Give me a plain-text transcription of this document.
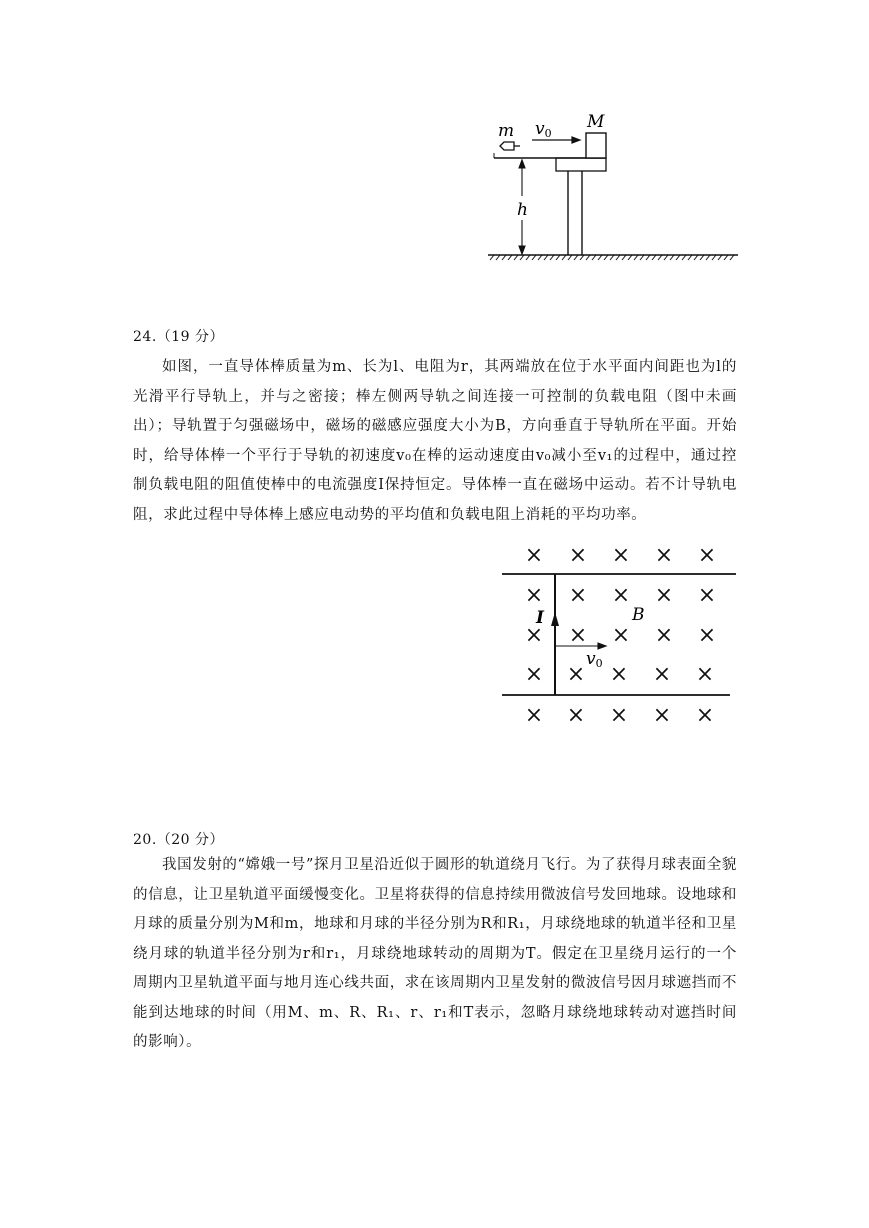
m v0
M
h
24.（19 分）
如图，一直导体棒质量为m、长为l、电阻为r，其两端放在位于水平面内间距也为l的光滑平行导轨上，并与之密接；棒左侧两导轨之间连接一可控制的负载电阻（图中未画出）；导轨置于匀强磁场中，磁场的磁感应强度大小为B，方向垂直于导轨所在平面。开始时，给导体棒一个平行于导轨的初速度v₀在棒的运动速度由v₀减小至v₁的过程中，通过控制负载电阻的阻值使棒中的电流强度I保持恒定。导体棒一直在磁场中运动。若不计导轨电阻，求此过程中导体棒上感应电动势的平均值和负载电阻上消耗的平均功率。
× × × × ×
× × × × ×
× × × × ×
× × × × ×
× × × × ×
I	B
v0
20.（20 分）
我国发射的“嫦娥一号”探月卫星沿近似于圆形的轨道绕月飞行。为了获得月球表面全貌的信息，让卫星轨道平面缓慢变化。卫星将获得的信息持续用微波信号发回地球。设地球和月球的质量分别为M和m，地球和月球的半径分别为R和R₁，月球绕地球的轨道半径和卫星绕月球的轨道半径分别为r和r₁，月球绕地球转动的周期为T。假定在卫星绕月运行的一个周期内卫星轨道平面与地月连心线共面，求在该周期内卫星发射的微波信号因月球遮挡而不能到达地球的时间（用M、m、R、R₁、r、r₁和T表示，忽略月球绕地球转动对遮挡时间的影响）。
